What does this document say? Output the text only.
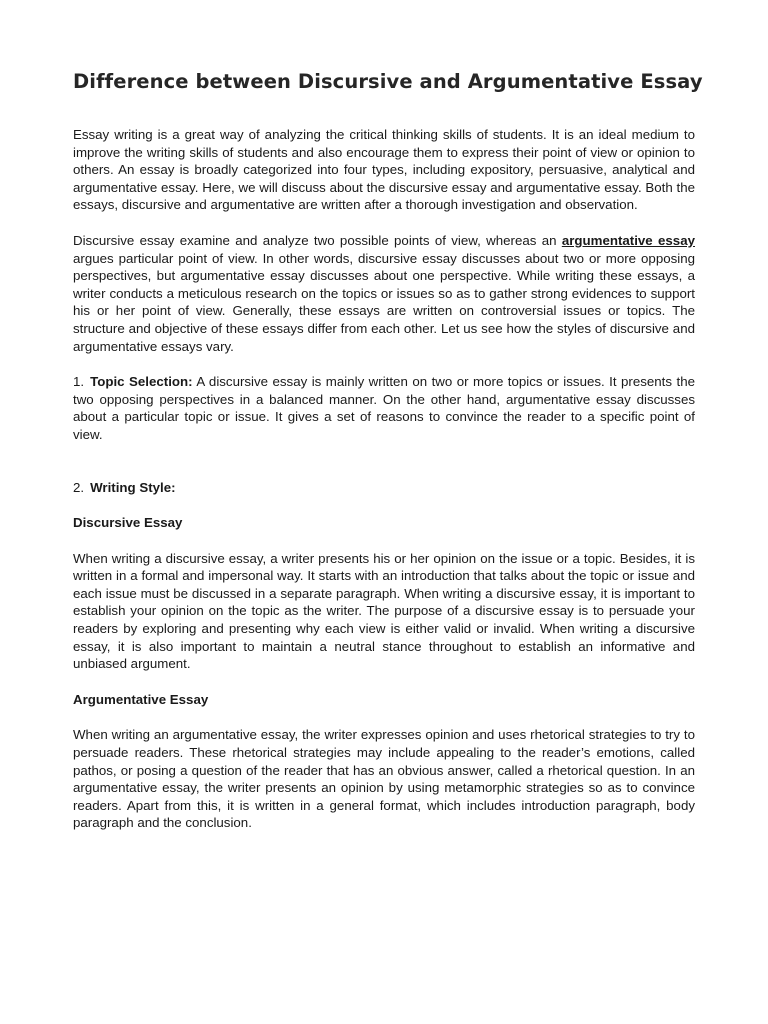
Difference between Discursive and Argumentative Essay

Essay writing is a great way of analyzing the critical thinking skills of students. It is an ideal medium to improve the writing skills of students and also encourage them to express their point of view or opinion to others. An essay is broadly categorized into four types, including expository, persuasive, analytical and argumentative essay. Here, we will discuss about the discursive essay and argumentative essay. Both the essays, discursive and argumentative are written after a thorough investigation and observation.

Discursive essay examine and analyze two possible points of view, whereas an argumentative essay argues particular point of view. In other words, discursive essay discusses about two or more opposing perspectives, but argumentative essay discusses about one perspective. While writing these essays, a writer conducts a meticulous research on the topics or issues so as to gather strong evidences to support his or her point of view. Generally, these essays are written on controversial issues or topics. The structure and objective of these essays differ from each other. Let us see how the styles of discursive and argumentative essays vary.

1. Topic Selection: A discursive essay is mainly written on two or more topics or issues. It presents the two opposing perspectives in a balanced manner. On the other hand, argumentative essay discusses about a particular topic or issue. It gives a set of reasons to convince the reader to a specific point of view.

2. Writing Style:

Discursive Essay

When writing a discursive essay, a writer presents his or her opinion on the issue or a topic. Besides, it is written in a formal and impersonal way. It starts with an introduction that talks about the topic or issue and each issue must be discussed in a separate paragraph. When writing a discursive essay, it is important to establish your opinion on the topic as the writer. The purpose of a discursive essay is to persuade your readers by exploring and presenting why each view is either valid or invalid. When writing a discursive essay, it is also important to maintain a neutral stance throughout to establish an informative and unbiased argument.

Argumentative Essay

When writing an argumentative essay, the writer expresses opinion and uses rhetorical strategies to try to persuade readers. These rhetorical strategies may include appealing to the reader’s emotions, called pathos, or posing a question of the reader that has an obvious answer, called a rhetorical question. In an argumentative essay, the writer presents an opinion by using metamorphic strategies so as to convince readers. Apart from this, it is written in a general format, which includes introduction paragraph, body paragraph and the conclusion.
